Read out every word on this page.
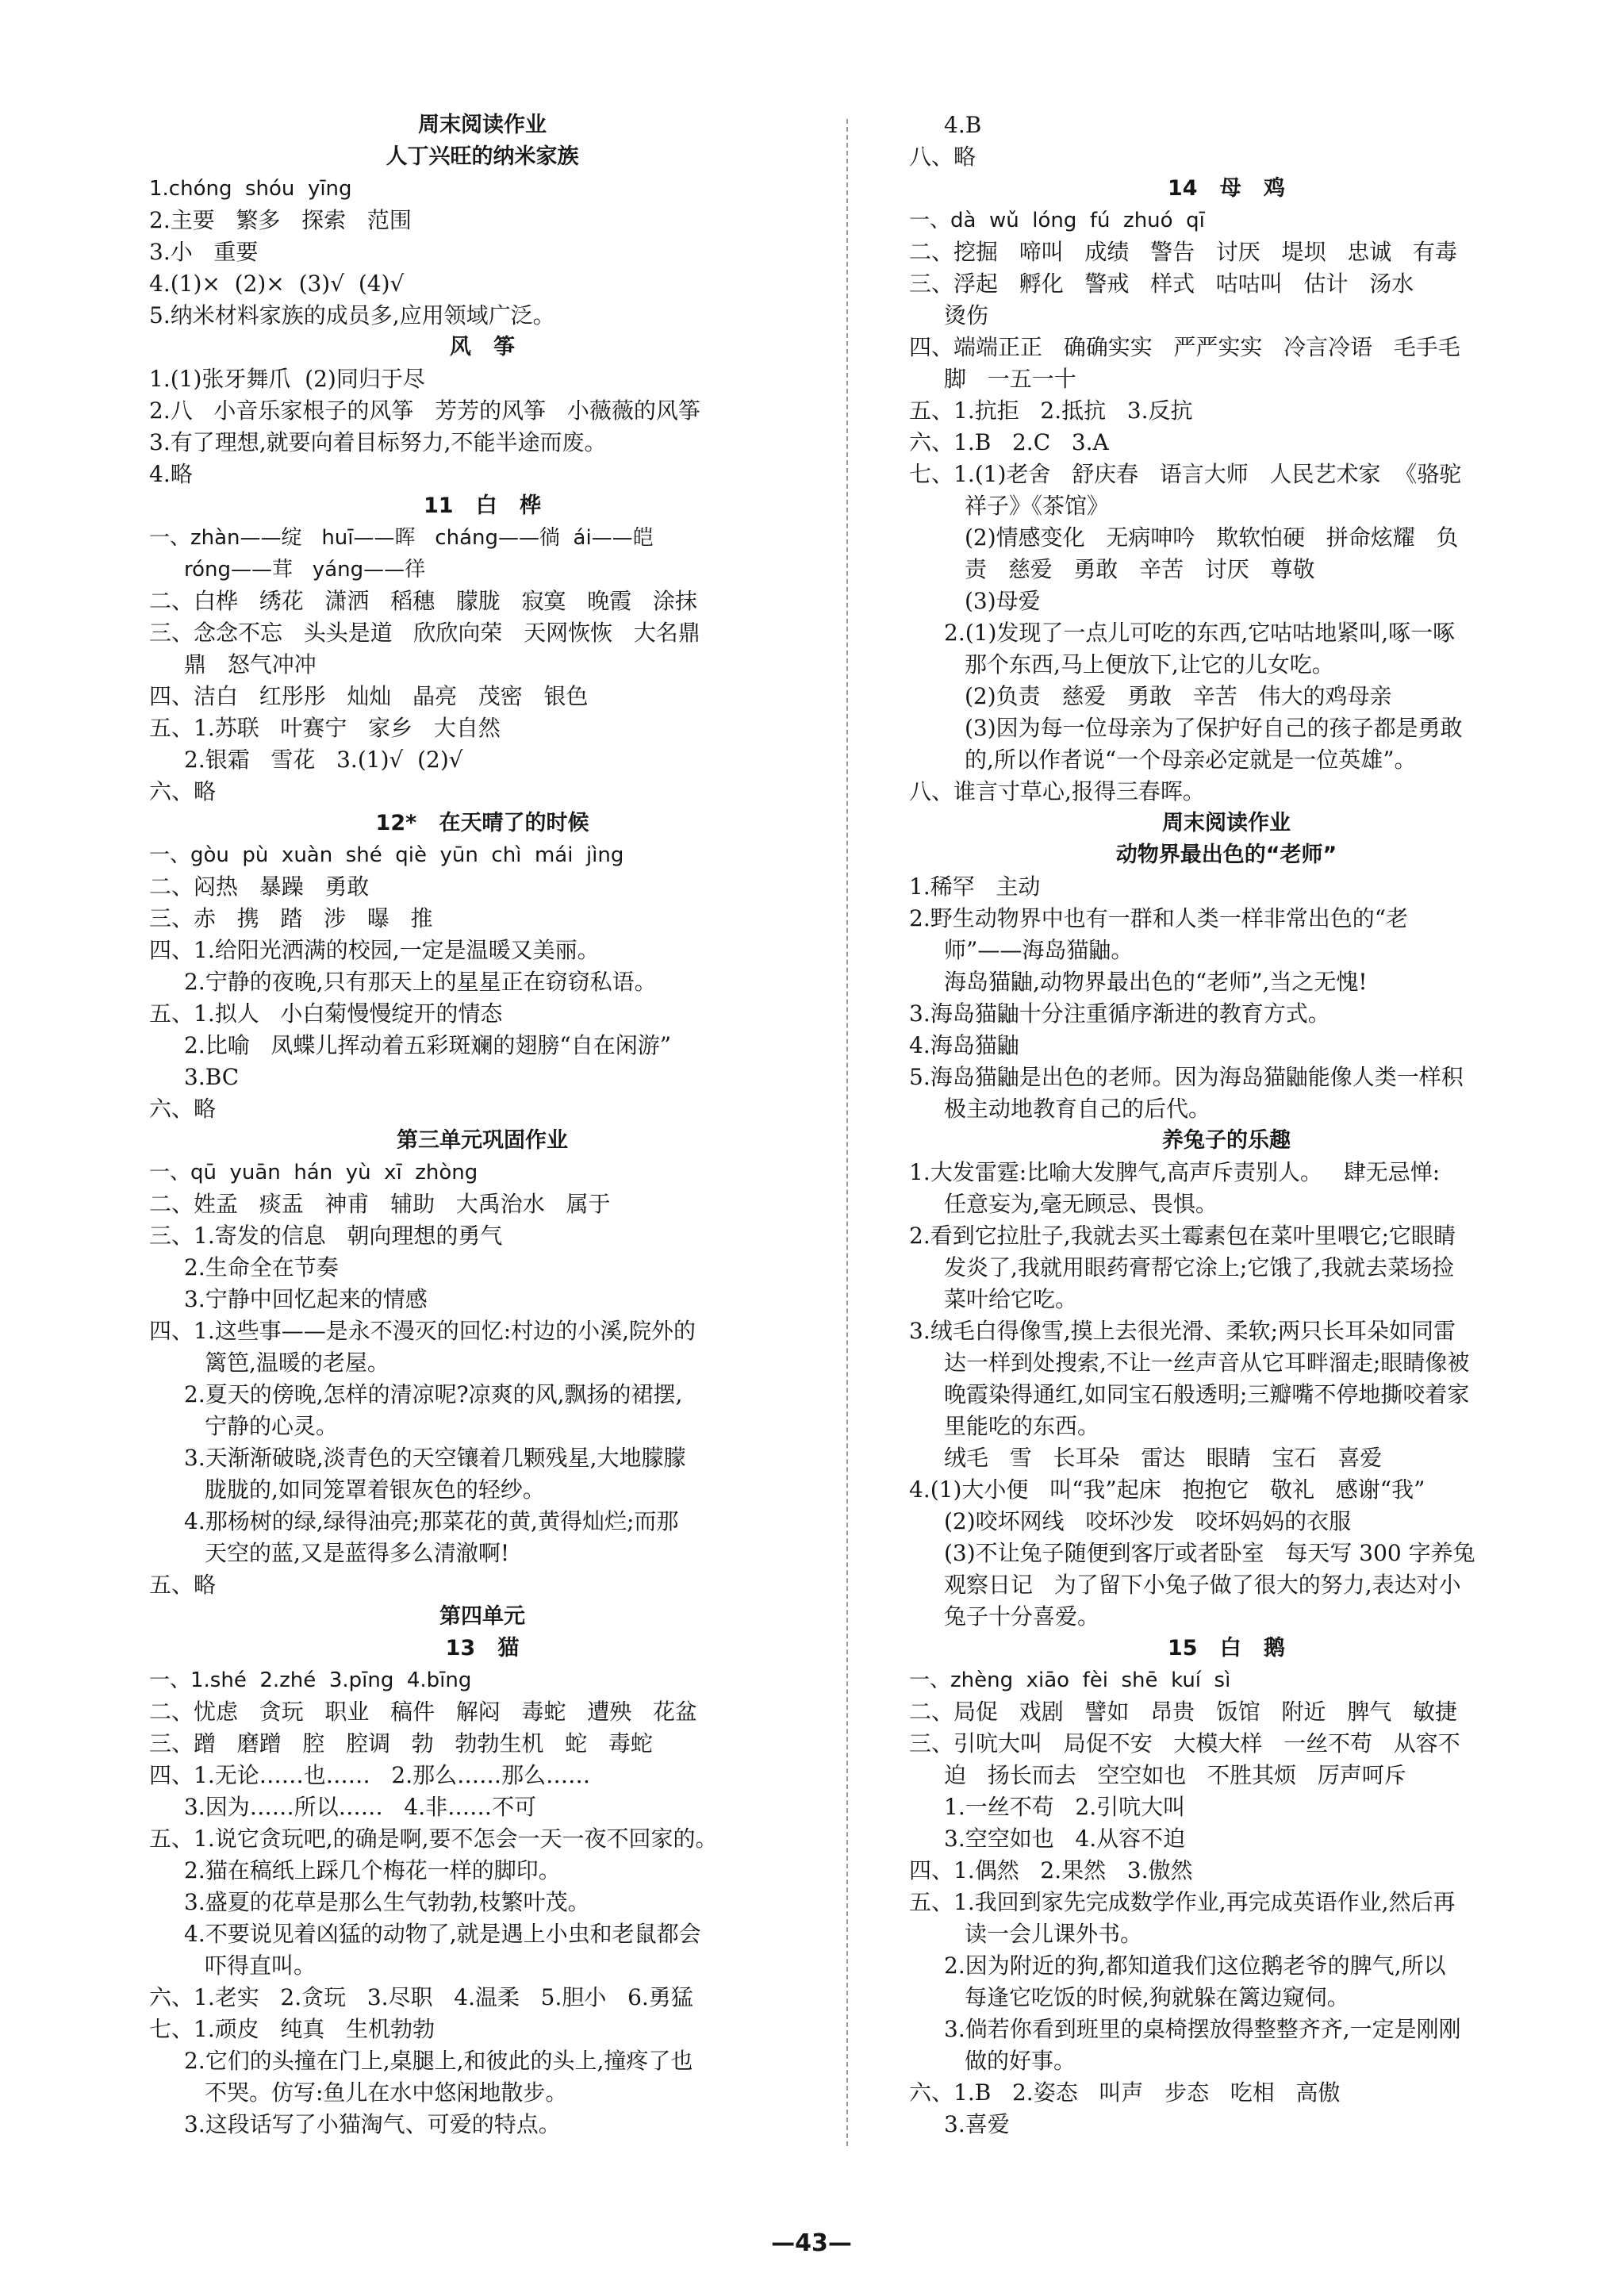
周末阅读作业
人丁兴旺的纳米家族
1.chóng  shóu  yīng
2.主要   繁多   探索   范围
3.小   重要
4.(1)×  (2)×  (3)√  (4)√
5.纳米材料家族的成员多,应用领域广泛。
风   筝
1.(1)张牙舞爪  (2)同归于尽
2.八   小音乐家根子的风筝   芳芳的风筝   小薇薇的风筝
3.有了理想,就要向着目标努力,不能半途而废。
4.略
11   白   桦
一、zhàn——绽   huī——晖   cháng——徜  ái——皑
róng——茸   yáng——徉
二、白桦   绣花   潇洒   稻穗   朦胧   寂寞   晚霞   涂抹
三、念念不忘   头头是道   欣欣向荣   天网恢恢   大名鼎
鼎   怒气冲冲
四、洁白   红彤彤   灿灿   晶亮   茂密   银色
五、1.苏联   叶赛宁   家乡   大自然
2.银霜   雪花   3.(1)√  (2)√
六、略
12*   在天晴了的时候
一、gòu  pù  xuàn  shé  qiè  yūn  chì  mái  jìng
二、闷热   暴躁   勇敢
三、赤   携   踏   涉   曝   推
四、1.给阳光洒满的校园,一定是温暖又美丽。
2.宁静的夜晚,只有那天上的星星正在窃窃私语。
五、1.拟人   小白菊慢慢绽开的情态
2.比喻   凤蝶儿挥动着五彩斑斓的翅膀“自在闲游”
3.BC
六、略
第三单元巩固作业
一、qū  yuān  hán  yù  xī  zhòng
二、姓孟   痰盂   神甫   辅助   大禹治水   属于
三、1.寄发的信息   朝向理想的勇气
2.生命全在节奏
3.宁静中回忆起来的情感
四、1.这些事——是永不漫灭的回忆:村边的小溪,院外的
篱笆,温暖的老屋。
2.夏天的傍晚,怎样的清凉呢?凉爽的风,飘扬的裙摆,
宁静的心灵。
3.天渐渐破晓,淡青色的天空镶着几颗残星,大地朦朦
胧胧的,如同笼罩着银灰色的轻纱。
4.那杨树的绿,绿得油亮;那菜花的黄,黄得灿烂;而那
天空的蓝,又是蓝得多么清澈啊!
五、略
第四单元
13   猫
一、1.shé  2.zhé  3.pīng  4.bīng
二、忧虑   贪玩   职业   稿件   解闷   毒蛇   遭殃   花盆
三、蹭   磨蹭   腔   腔调   勃   勃勃生机   蛇   毒蛇
四、1.无论……也……   2.那么……那么……
3.因为……所以……   4.非……不可
五、1.说它贪玩吧,的确是啊,要不怎会一天一夜不回家的。
2.猫在稿纸上踩几个梅花一样的脚印。
3.盛夏的花草是那么生气勃勃,枝繁叶茂。
4.不要说见着凶猛的动物了,就是遇上小虫和老鼠都会
吓得直叫。
六、1.老实   2.贪玩   3.尽职   4.温柔   5.胆小   6.勇猛
七、1.顽皮   纯真   生机勃勃
2.它们的头撞在门上,桌腿上,和彼此的头上,撞疼了也
不哭。仿写:鱼儿在水中悠闲地散步。
3.这段话写了小猫淘气、可爱的特点。
4.B
八、略
14   母   鸡
一、dà  wǔ  lóng  fú  zhuó  qī
二、挖掘   啼叫   成绩   警告   讨厌   堤坝   忠诚   有毒
三、浮起   孵化   警戒   样式   咕咕叫   估计   汤水
烫伤
四、端端正正   确确实实   严严实实   冷言冷语   毛手毛
脚   一五一十
五、1.抗拒   2.抵抗   3.反抗
六、1.B   2.C   3.A
七、1.(1)老舍   舒庆春   语言大师   人民艺术家  《骆驼
祥子》《茶馆》
(2)情感变化   无病呻吟   欺软怕硬   拼命炫耀   负
责   慈爱   勇敢   辛苦   讨厌   尊敬
(3)母爱
2.(1)发现了一点儿可吃的东西,它咕咕地紧叫,啄一啄
那个东西,马上便放下,让它的儿女吃。
(2)负责   慈爱   勇敢   辛苦   伟大的鸡母亲
(3)因为每一位母亲为了保护好自己的孩子都是勇敢
的,所以作者说“一个母亲必定就是一位英雄”。
八、谁言寸草心,报得三春晖。
周末阅读作业
动物界最出色的“老师”
1.稀罕   主动
2.野生动物界中也有一群和人类一样非常出色的“老
师”——海岛猫鼬。
海岛猫鼬,动物界最出色的“老师”,当之无愧!
3.海岛猫鼬十分注重循序渐进的教育方式。
4.海岛猫鼬
5.海岛猫鼬是出色的老师。因为海岛猫鼬能像人类一样积
极主动地教育自己的后代。
养兔子的乐趣
1.大发雷霆:比喻大发脾气,高声斥责别人。   肆无忌惮:
任意妄为,毫无顾忌、畏惧。
2.看到它拉肚子,我就去买土霉素包在菜叶里喂它;它眼睛
发炎了,我就用眼药膏帮它涂上;它饿了,我就去菜场捡
菜叶给它吃。
3.绒毛白得像雪,摸上去很光滑、柔软;两只长耳朵如同雷
达一样到处搜索,不让一丝声音从它耳畔溜走;眼睛像被
晚霞染得通红,如同宝石般透明;三瓣嘴不停地撕咬着家
里能吃的东西。
绒毛   雪   长耳朵   雷达   眼睛   宝石   喜爱
4.(1)大小便   叫“我”起床   抱抱它   敬礼   感谢“我”
(2)咬坏网线   咬坏沙发   咬坏妈妈的衣服
(3)不让兔子随便到客厅或者卧室   每天写 300 字养兔
观察日记   为了留下小兔子做了很大的努力,表达对小
兔子十分喜爱。
15   白   鹅
一、zhèng  xiāo  fèi  shē  kuí  sì
二、局促   戏剧   譬如   昂贵   饭馆   附近   脾气   敏捷
三、引吭大叫   局促不安   大模大样   一丝不苟   从容不
迫   扬长而去   空空如也   不胜其烦   厉声呵斥
1.一丝不苟   2.引吭大叫
3.空空如也   4.从容不迫
四、1.偶然   2.果然   3.傲然
五、1.我回到家先完成数学作业,再完成英语作业,然后再
读一会儿课外书。
2.因为附近的狗,都知道我们这位鹅老爷的脾气,所以
每逢它吃饭的时候,狗就躲在篱边窥伺。
3.倘若你看到班里的桌椅摆放得整整齐齐,一定是刚刚
做的好事。
六、1.B   2.姿态   叫声   步态   吃相   高傲
3.喜爱
—43—
